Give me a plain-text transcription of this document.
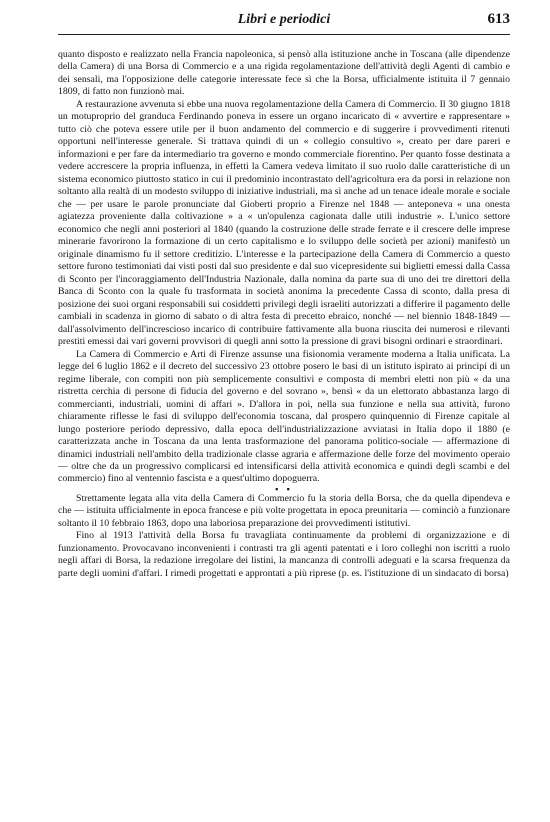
Libri e periodici	613

quanto disposto e realizzato nella Francia napoleonica, si pensò alla istituzione anche in Toscana (alle dipendenze della Camera) di una Borsa di Commercio e a una rigida regolamentazione dell'attività degli Agenti di cambio e dei sensali, ma l'opposizione delle categorie interessate fece sì che la Borsa, ufficialmente istituita il 7 gennaio 1809, di fatto non funzionò mai.

A restaurazione avvenuta si ebbe una nuova regolamentazione della Camera di Commercio. Il 30 giugno 1818 un motuproprio del granduca Ferdinando poneva in essere un organo incaricato di « avvertire e rappresentare » tutto ciò che poteva essere utile per il buon andamento del commercio e di suggerire i provvedimenti ritenuti opportuni nell'interesse generale. Si trattava quindi di un « collegio consultivo », creato per dare pareri e informazioni e per fare da intermediario tra governo e mondo commerciale fiorentino. Per quanto fosse destinata a vedere accrescere la propria influenza, in effetti la Camera vedeva limitato il suo ruolo dalle caratteristiche di un sistema economico piuttosto statico in cui il predominio incontrastato dell'agricoltura era da porsi in relazione non soltanto alla realtà di un modesto sviluppo di iniziative industriali, ma sì anche ad un tenace ideale morale e sociale che — per usare le parole pronunciate dal Gioberti proprio a Firenze nel 1848 — anteponeva « una onesta agiatezza proveniente dalla coltivazione » a « un'opulenza cagionata dalle utili industrie ». L'unico settore economico che negli anni posteriori al 1840 (quando la costruzione delle strade ferrate e il crescere delle imprese minerarie favorirono la formazione di un certo capitalismo e lo sviluppo delle società per azioni) manifestò un originale dinamismo fu il settore creditizio. L'interesse e la partecipazione della Camera di Commercio a questo settore furono testimoniati dai visti posti dal suo presidente e dal suo vicepresidente sui biglietti emessi dalla Cassa di Sconto per l'incoraggiamento dell'Industria Nazionale, dalla nomina da parte sua di uno dei tre direttori della Banca di Sconto con la quale fu trasformata in società anonima la precedente Cassa di sconto, dalla presa di posizione dei suoi organi responsabili sui cosiddetti privilegi degli israeliti autorizzati a differire il pagamento delle cambiali in scadenza in giorno di sabato o di altra festa di precetto ebraico, nonché — nel biennio 1848-1849 — dall'assolvimento dell'incresciosо incarico di contribuire fattivamente alla buona riuscita dei numerosi e rilevanti prestiti emessi dai vari governi provvisori di quegli anni sotto la pressione di gravi bisogni ordinari e straordinari.

La Camera di Commercio e Arti di Firenze assunse una fisionomia veramente moderna a Italia unificata. La legge del 6 luglio 1862 e il decreto del successivo 23 ottobre posero le basi di un istituto ispirato ai principi di un regime liberale, con compiti non più semplicemente consultivi e composta di membri eletti non più « da una ristretta cerchia di persone di fiducia del governo e del sovrano », bensì « da un elettorato abbastanza largo di commercianti, industriali, uomini di affari ». D'allora in poi, nella sua funzione e nella sua attività, furono chiaramente riflesse le fasi di sviluppo dell'economia toscana, dal prospero quinquennio di Firenze capitale al lungo posteriore periodo depressivo, dalla epoca dell'industrializzazione avviatasi in Italia dopo il 1880 (e caratterizzata anche in Toscana da una lenta trasformazione del panorama politico-sociale — affermazione di dinamici industriali nell'ambito della tradizionale classe agraria e affermazione delle forze del movimento operaio — oltre che da un progressivo complicarsi ed intensificarsi della attività economica e quindi degli scambi e del commercio) fino al ventennio fascista e a quest'ultimo dopoguerra.

▪ ▪

Strettamente legata alla vita della Camera di Commercio fu la storia della Borsa, che da quella dipendeva e che — istituita ufficialmente in epoca francese e più volte progettata in epoca preunitaria — cominciò a funzionare soltanto il 10 febbraio 1863, dopo una laboriosa preparazione dei provvedimenti istitutivi.

Fino al 1913 l'attività della Borsa fu travagliata continuamente da problemi di organizzazione e di funzionamento. Provocavano inconvenienti i contrasti tra gli agenti patentati e i loro colleghi non iscritti a ruolo negli affari di Borsa, la redazione irregolare dei listini, la mancanza di controlli adeguati e la scarsa frequenza da parte degli uomini d'affari. I rimedi progettati e approntati a più riprese (p. es. l'istituzione di un sindacato di borsa)
